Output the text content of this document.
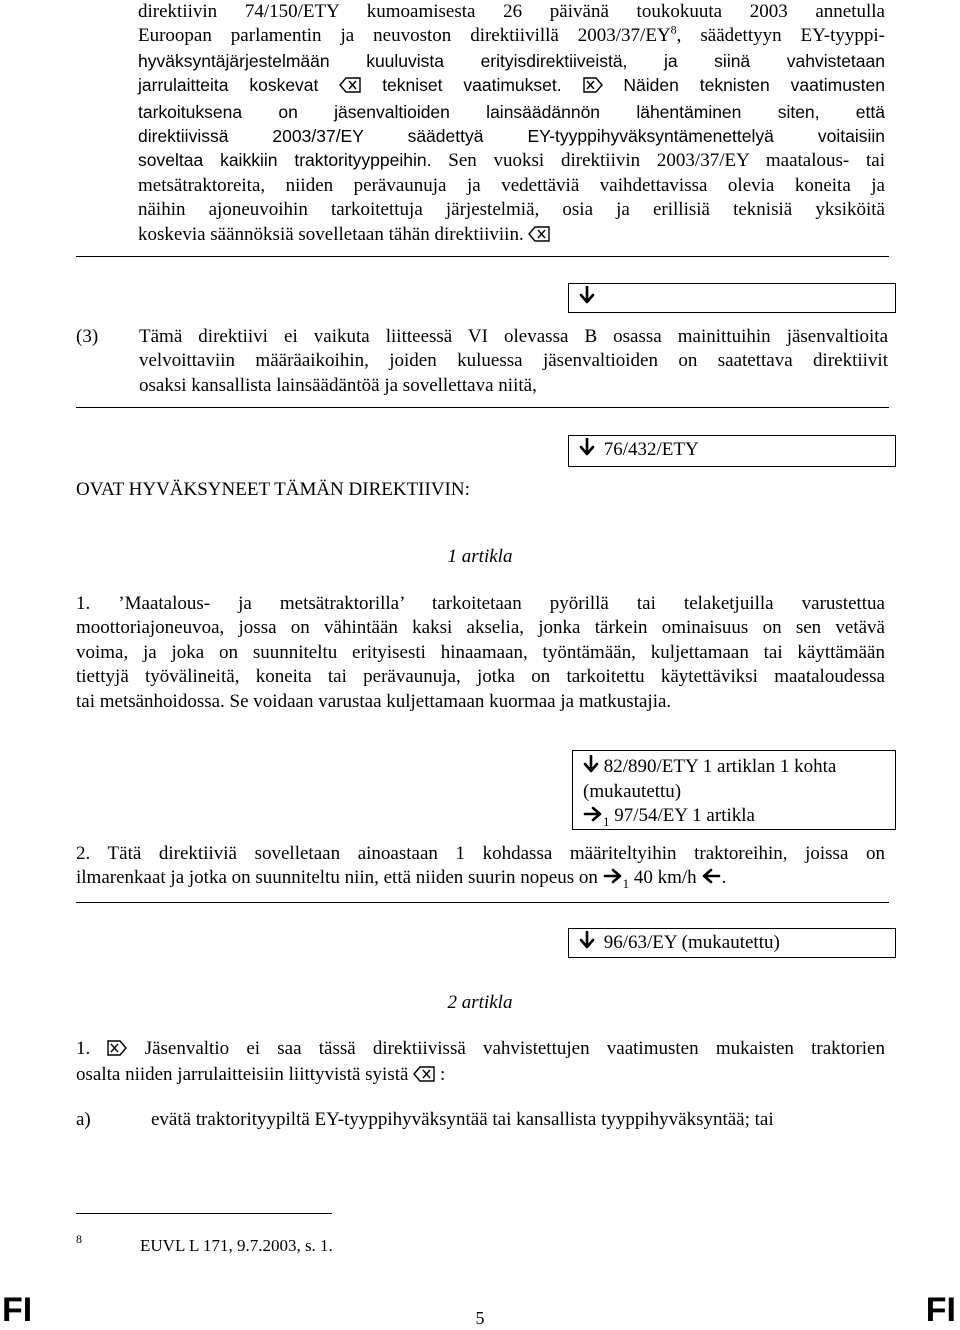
direktiivin 74/150/ETY kumoamisesta 26 päivänä toukokuuta 2003 annetulla
Euroopan parlamentin ja neuvoston direktiivillä $2003/37/EY^8$, säädettyyn EY-tyyppi-
hyväksyntäjärjestelmään kuuluvista erityisdirektiiveistä, ja siinä vahvistetaan
jarrulaitteita koskevat	tekniset vaatimukset.	Näiden teknisten vaatimusten
tarkoituksena on jäsenvaltioiden lainsäädännön lähentäminen siten, että
direktiivissä 2003/37/EY säädettyä EY-tyyppihyväksyntämenettelyä voitaisiin
soveltaa kaikkiin traktorityyppeihin. Sen vuoksi direktiivin 2003/37/EY maatalous- tai
metsätraktoreita, niiden perävaunuja ja vedettäviä vaihdettavissa olevia koneita ja
näihin ajoneuvoihin tarkoitettuja järjestelmiä, osia ja erillisiä teknisiä yksiköitä
koskevia säännöksiä sovelletaan tähän direktiiviin.
(3) Tämä direktiivi ei vaikuta liitteessä VI olevassa B osassa mainittuihin jäsenvaltioita
velvoittaviin määräaikoihin, joiden kuluessa jäsenvaltioiden on saatettava direktiivit
osaksi kansallista lainsäädäntöä ja sovellettava niitä,
76/432/ETY
OVAT HYVÄKSYNEET TÄMÄN DIREKTIIVIN:
1 artikla
1. ’Maatalous- ja metsätraktorilla’ tarkoitetaan pyörillä tai telaketjuilla varustettua
moottoriajoneuvoa, jossa on vähintään kaksi akselia, jonka tärkein ominaisuus on sen vetävä
voima, ja joka on suunniteltu erityisesti hinaamaan, työntämään, kuljettamaan tai käyttämään
tiettyjä työvälineitä, koneita tai perävaunuja, jotka on tarkoitettu käytettäviksi maataloudessa
tai metsänhoidossa. Se voidaan varustaa kuljettamaan kuormaa ja matkustajia.
82/890/ETY 1 artiklan 1 kohta
(mukautettu)
$_1$ 97/54/EY 1 artikla
2. Tätä direktiiviä sovelletaan ainoastaan 1 kohdassa määriteltyihin traktoreihin, joissa on
ilmarenkaat ja jotka on suunniteltu niin, että niiden suurin nopeus on $_1$ 40 km/h .
96/63/EY (mukautettu)
2 artikla
1.	Jäsenvaltio ei saa tässä direktiivissä vahvistettujen vaatimusten mukaisten traktorien
osalta niiden jarrulaitteisiin liittyvistä syistä :
a)	evätä traktorityypiltä EY-tyyppihyväksyntää tai kansallista tyyppihyväksyntää; tai
8	EUVL L 171, 9.7.2003, s. 1.
FI	5	FI
